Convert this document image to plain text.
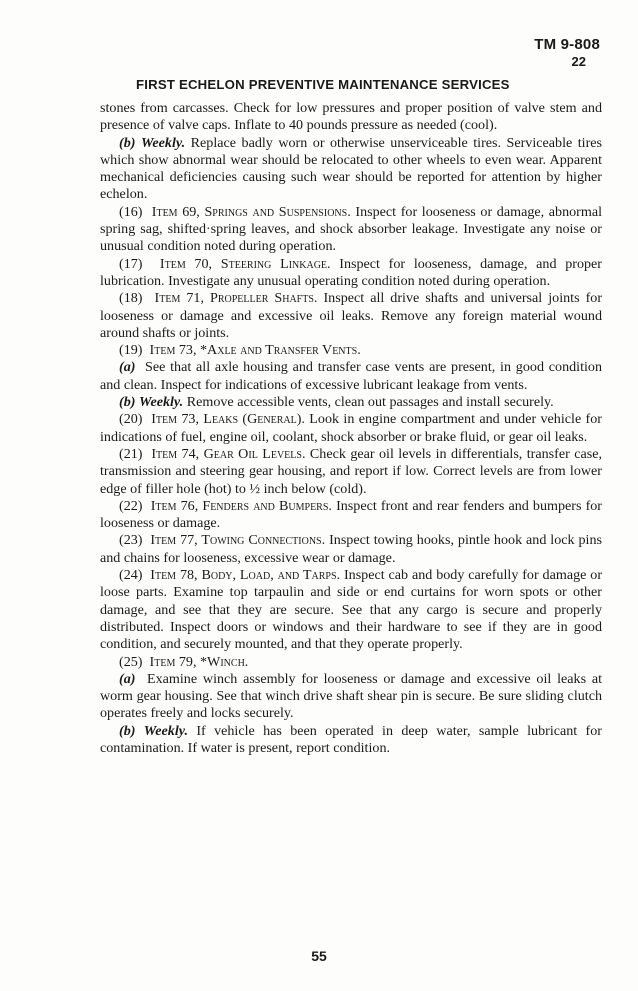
TM 9-808
22
FIRST ECHELON PREVENTIVE MAINTENANCE SERVICES

stones from carcasses. Check for low pressures and proper position of valve stem and presence of valve caps. Inflate to 40 pounds pressure as needed (cool).

(b) Weekly. Replace badly worn or otherwise unserviceable tires. Serviceable tires which show abnormal wear should be relocated to other wheels to even wear. Apparent mechanical deficiencies causing such wear should be reported for attention by higher echelon.

(16) Item 69, Springs and Suspensions. Inspect for looseness or damage, abnormal spring sag, shifted·spring leaves, and shock absorber leakage. Investigate any noise or unusual condition noted during operation.

(17) Item 70, Steering Linkage. Inspect for looseness, damage, and proper lubrication. Investigate any unusual operating condition noted during operation.

(18) Item 71, Propeller Shafts. Inspect all drive shafts and universal joints for looseness or damage and excessive oil leaks. Remove any foreign material wound around shafts or joints.

(19) Item 73, *Axle and Transfer Vents.

(a) See that all axle housing and transfer case vents are present, in good condition and clean. Inspect for indications of excessive lubricant leakage from vents.

(b) Weekly. Remove accessible vents, clean out passages and install securely.

(20) Item 73, Leaks (General). Look in engine compartment and under vehicle for indications of fuel, engine oil, coolant, shock absorber or brake fluid, or gear oil leaks.

(21) Item 74, Gear Oil Levels. Check gear oil levels in differentials, transfer case, transmission and steering gear housing, and report if low. Correct levels are from lower edge of filler hole (hot) to ½ inch below (cold).

(22) Item 76, Fenders and Bumpers. Inspect front and rear fenders and bumpers for looseness or damage.

(23) Item 77, Towing Connections. Inspect towing hooks, pintle hook and lock pins and chains for looseness, excessive wear or damage.

(24) Item 78, Body, Load, and Tarps. Inspect cab and body carefully for damage or loose parts. Examine top tarpaulin and side or end curtains for worn spots or other damage, and see that they are secure. See that any cargo is secure and properly distributed. Inspect doors or windows and their hardware to see if they are in good condition, and securely mounted, and that they operate properly.

(25) Item 79, *Winch.

(a) Examine winch assembly for looseness or damage and excessive oil leaks at worm gear housing. See that winch drive shaft shear pin is secure. Be sure sliding clutch operates freely and locks securely.

(b) Weekly. If vehicle has been operated in deep water, sample lubricant for contamination. If water is present, report condition.

55
